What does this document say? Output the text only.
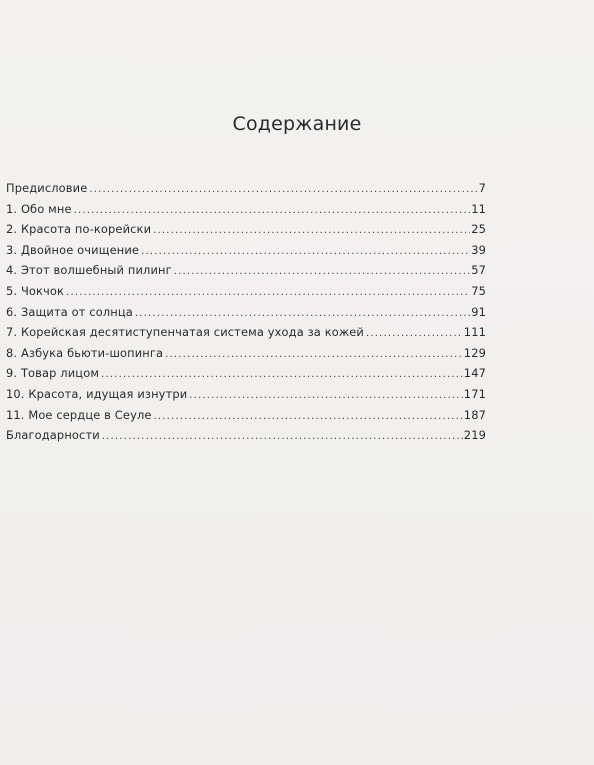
Содержание
Предисловие .....	7
1. Обо мне .....	11
2. Красота по-корейски .....	25
3. Двойное очищение .....	39
4. Этот волшебный пилинг .....	57
5. Чокчок .....	75
6. Защита от солнца .....	91
7. Корейская десятиступенчатая система ухода за кожей .....	111
8. Азбука бьюти-шопинга .....	129
9. Товар лицом .....	147
10. Красота, идущая изнутри .....	171
11. Мое сердце в Сеуле .....	187
Благодарности .....	219
